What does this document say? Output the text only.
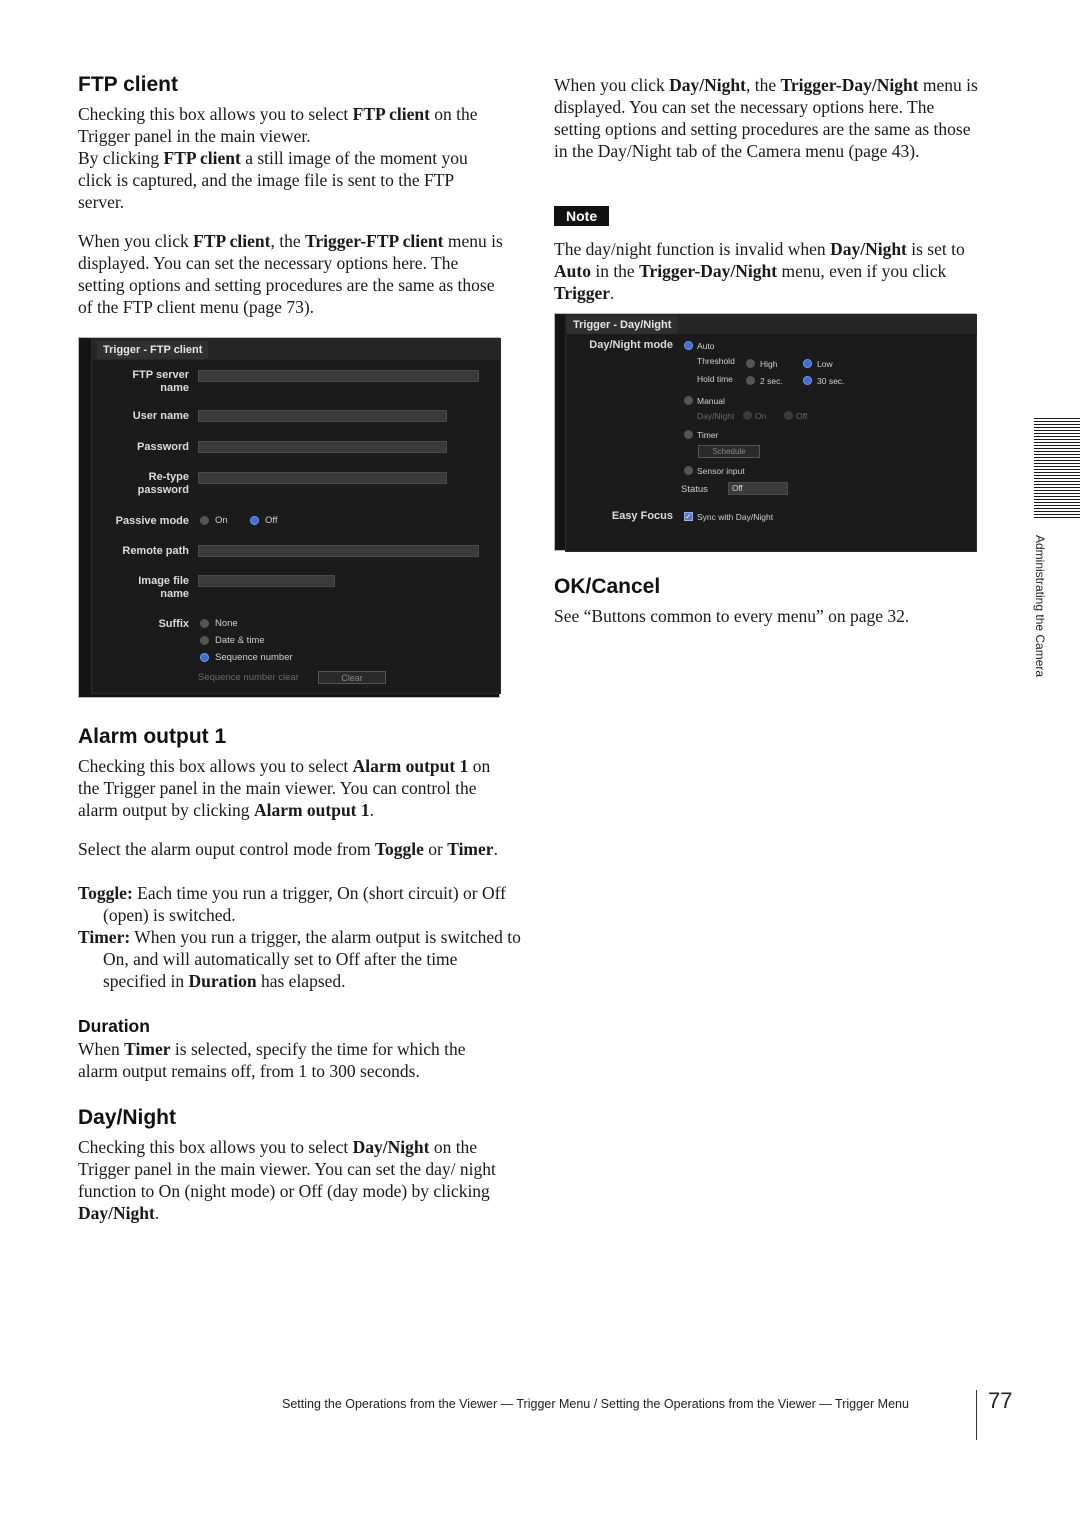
FTP client

Checking this box allows you to select FTP client on the Trigger panel in the main viewer.

By clicking FTP client a still image of the moment you click is captured, and the image file is sent to the FTP server.

When you click FTP client, the Trigger-FTP client menu is displayed. You can set the necessary options here. The setting options and setting procedures are the same as those of the FTP client menu (page 73).

Trigger - FTP client
FTP server
name
User name
Password
Re-type
password
Passive mode	On	Off
Remote path
Image file
name
Suffix	None
Date & time
Sequence number
Sequence number clear	Clear
Alarm output 1

Checking this box allows you to select Alarm output 1 on the Trigger panel in the main viewer. You can control the alarm output by clicking Alarm output 1.

Select the alarm ouput control mode from Toggle or Timer.

Toggle: Each time you run a trigger, On (short circuit) or Off (open) is switched.

Timer: When you run a trigger, the alarm output is switched to On, and will automatically set to Off after the time specified in Duration has elapsed.

Duration

When Timer is selected, specify the time for which the alarm output remains off, from 1 to 300 seconds.

Day/Night

Checking this box allows you to select Day/Night on the Trigger panel in the main viewer. You can set the day/ night function to On (night mode) or Off (day mode) by clicking Day/Night.

When you click Day/Night, the Trigger-Day/Night menu is displayed. You can set the necessary options here. The setting options and setting procedures are the same as those in the Day/Night tab of the Camera menu (page 43).

Note

The day/night function is invalid when Day/Night is set to Auto in the Trigger-Day/Night menu, even if you click Trigger.

Trigger - Day/Night
Day/Night mode	Auto
Threshold	High	Low
Hold time	2 sec.	30 sec.
Manual
Day/Night On	Off
Timer
Schedule
Sensor input
Status	Off
Easy Focus ✓ Sync with Day/Night
OK/Cancel

See “Buttons common to every menu” on page 32.	Administrating the Camera
Setting the Operations from the Viewer — Trigger Menu / Setting the Operations from the Viewer — Trigger Menu	77
